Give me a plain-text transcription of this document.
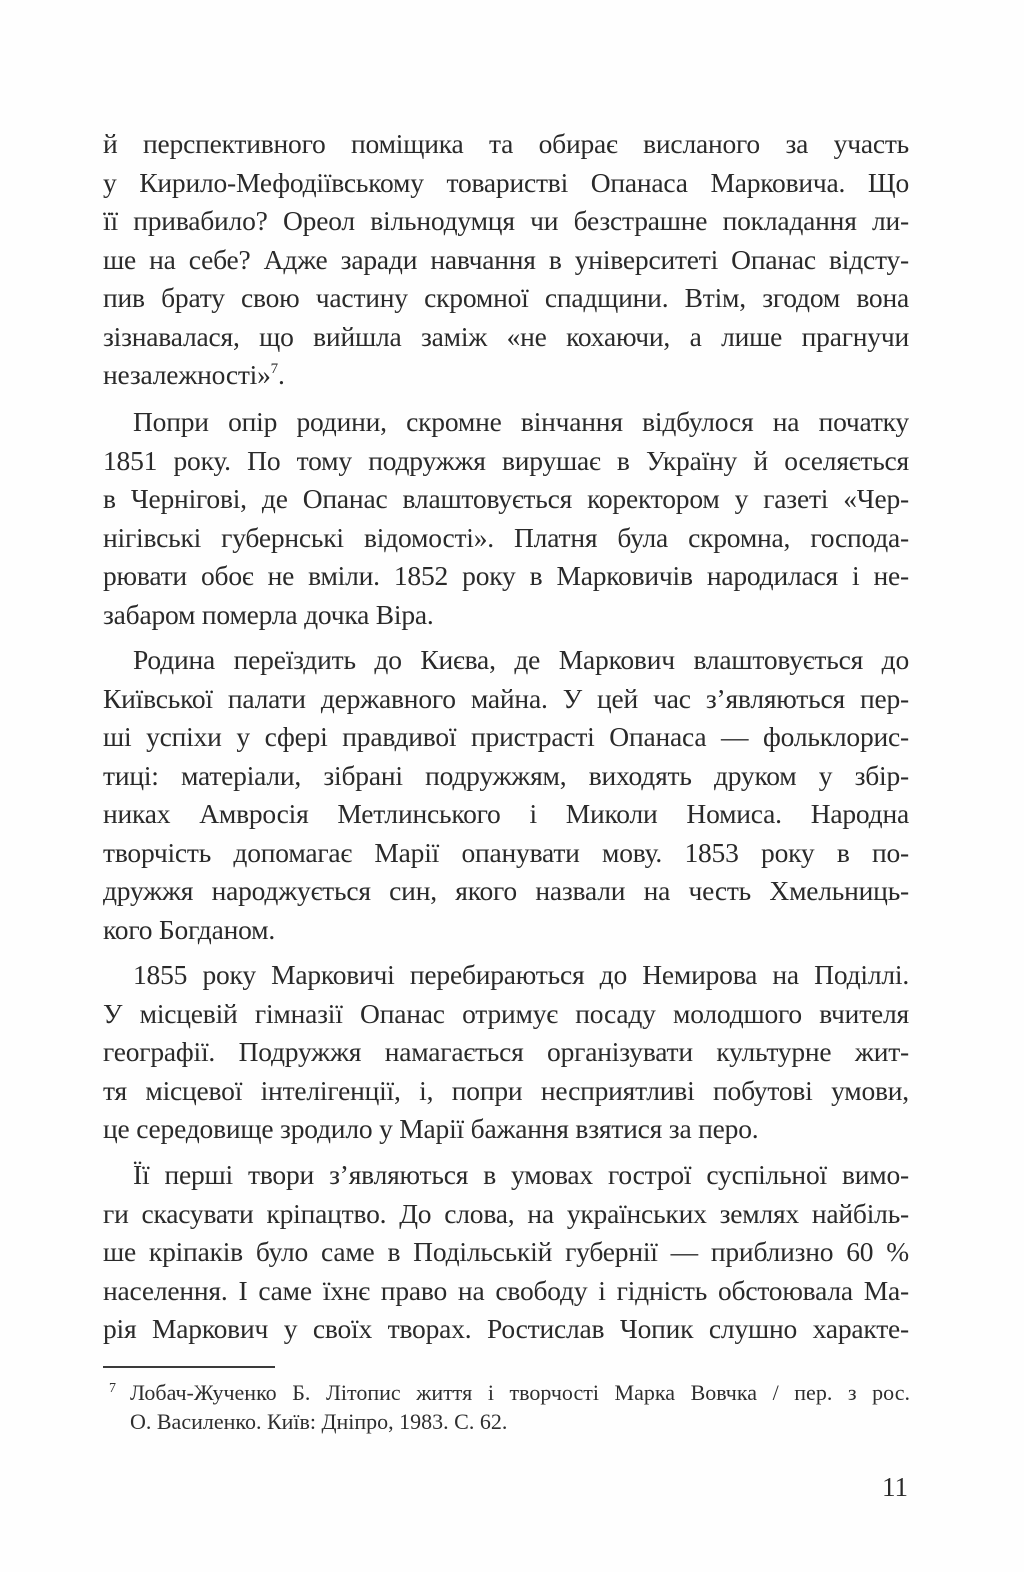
й перспективного поміщика та обирає висланого за участь
у Кирило-Мефодіївському товаристві Опанаса Марковича. Що
її привабило? Ореол вільнодумця чи безстрашне покладання ли-
ше на себе? Адже заради навчання в університеті Опанас відсту-
пив брату свою частину скромної спадщини. Втім, згодом вона
зізнавалася, що вийшла заміж «не кохаючи, а лише прагнучи
незалежності»$^7$.
Попри опір родини, скромне вінчання відбулося на початку
1851 року. По тому подружжя вирушає в Україну й оселяється
в Чернігові, де Опанас влаштовується коректором у газеті «Чер-
нігівські губернські відомості». Платня була скромна, господа-
рювати обоє не вміли. 1852 року в Марковичів народилася і не-
забаром померла дочка Віра.
Родина переїздить до Києва, де Маркович влаштовується до
Київської палати державного майна. У цей час з’являються пер-
ші успіхи у сфері правдивої пристрасті Опанаса — фольклорис-
тиці: матеріали, зібрані подружжям, виходять друком у збір-
никах Амвросія Метлинського і Миколи Номиса. Народна
творчість допомагає Марії опанувати мову. 1853 року в по-
дружжя народжується син, якого назвали на честь Хмельниць-
кого Богданом.
1855 року Марковичі перебираються до Немирова на Поділлі.
У місцевій гімназії Опанас отримує посаду молодшого вчителя
географії. Подружжя намагається організувати культурне жит-
тя місцевої інтелігенції, і, попри несприятливі побутові умови,
це середовище зродило у Марії бажання взятися за перо.
Її перші твори з’являються в умовах гострої суспільної вимо-
ги скасувати кріпацтво. До слова, на українських землях найбіль-
ше кріпаків було саме в Подільській губернії — приблизно 60 %
населення. І саме їхнє право на свободу і гідність обстоювала Ма-
рія Маркович у своїх творах. Ростислав Чопик слушно характе-
7 Лобач-Жученко Б. Літопис життя і творчості Марка Вовчка / пер. з рос.
О. Василенко. Київ: Дніпро, 1983. С. 62.
11
